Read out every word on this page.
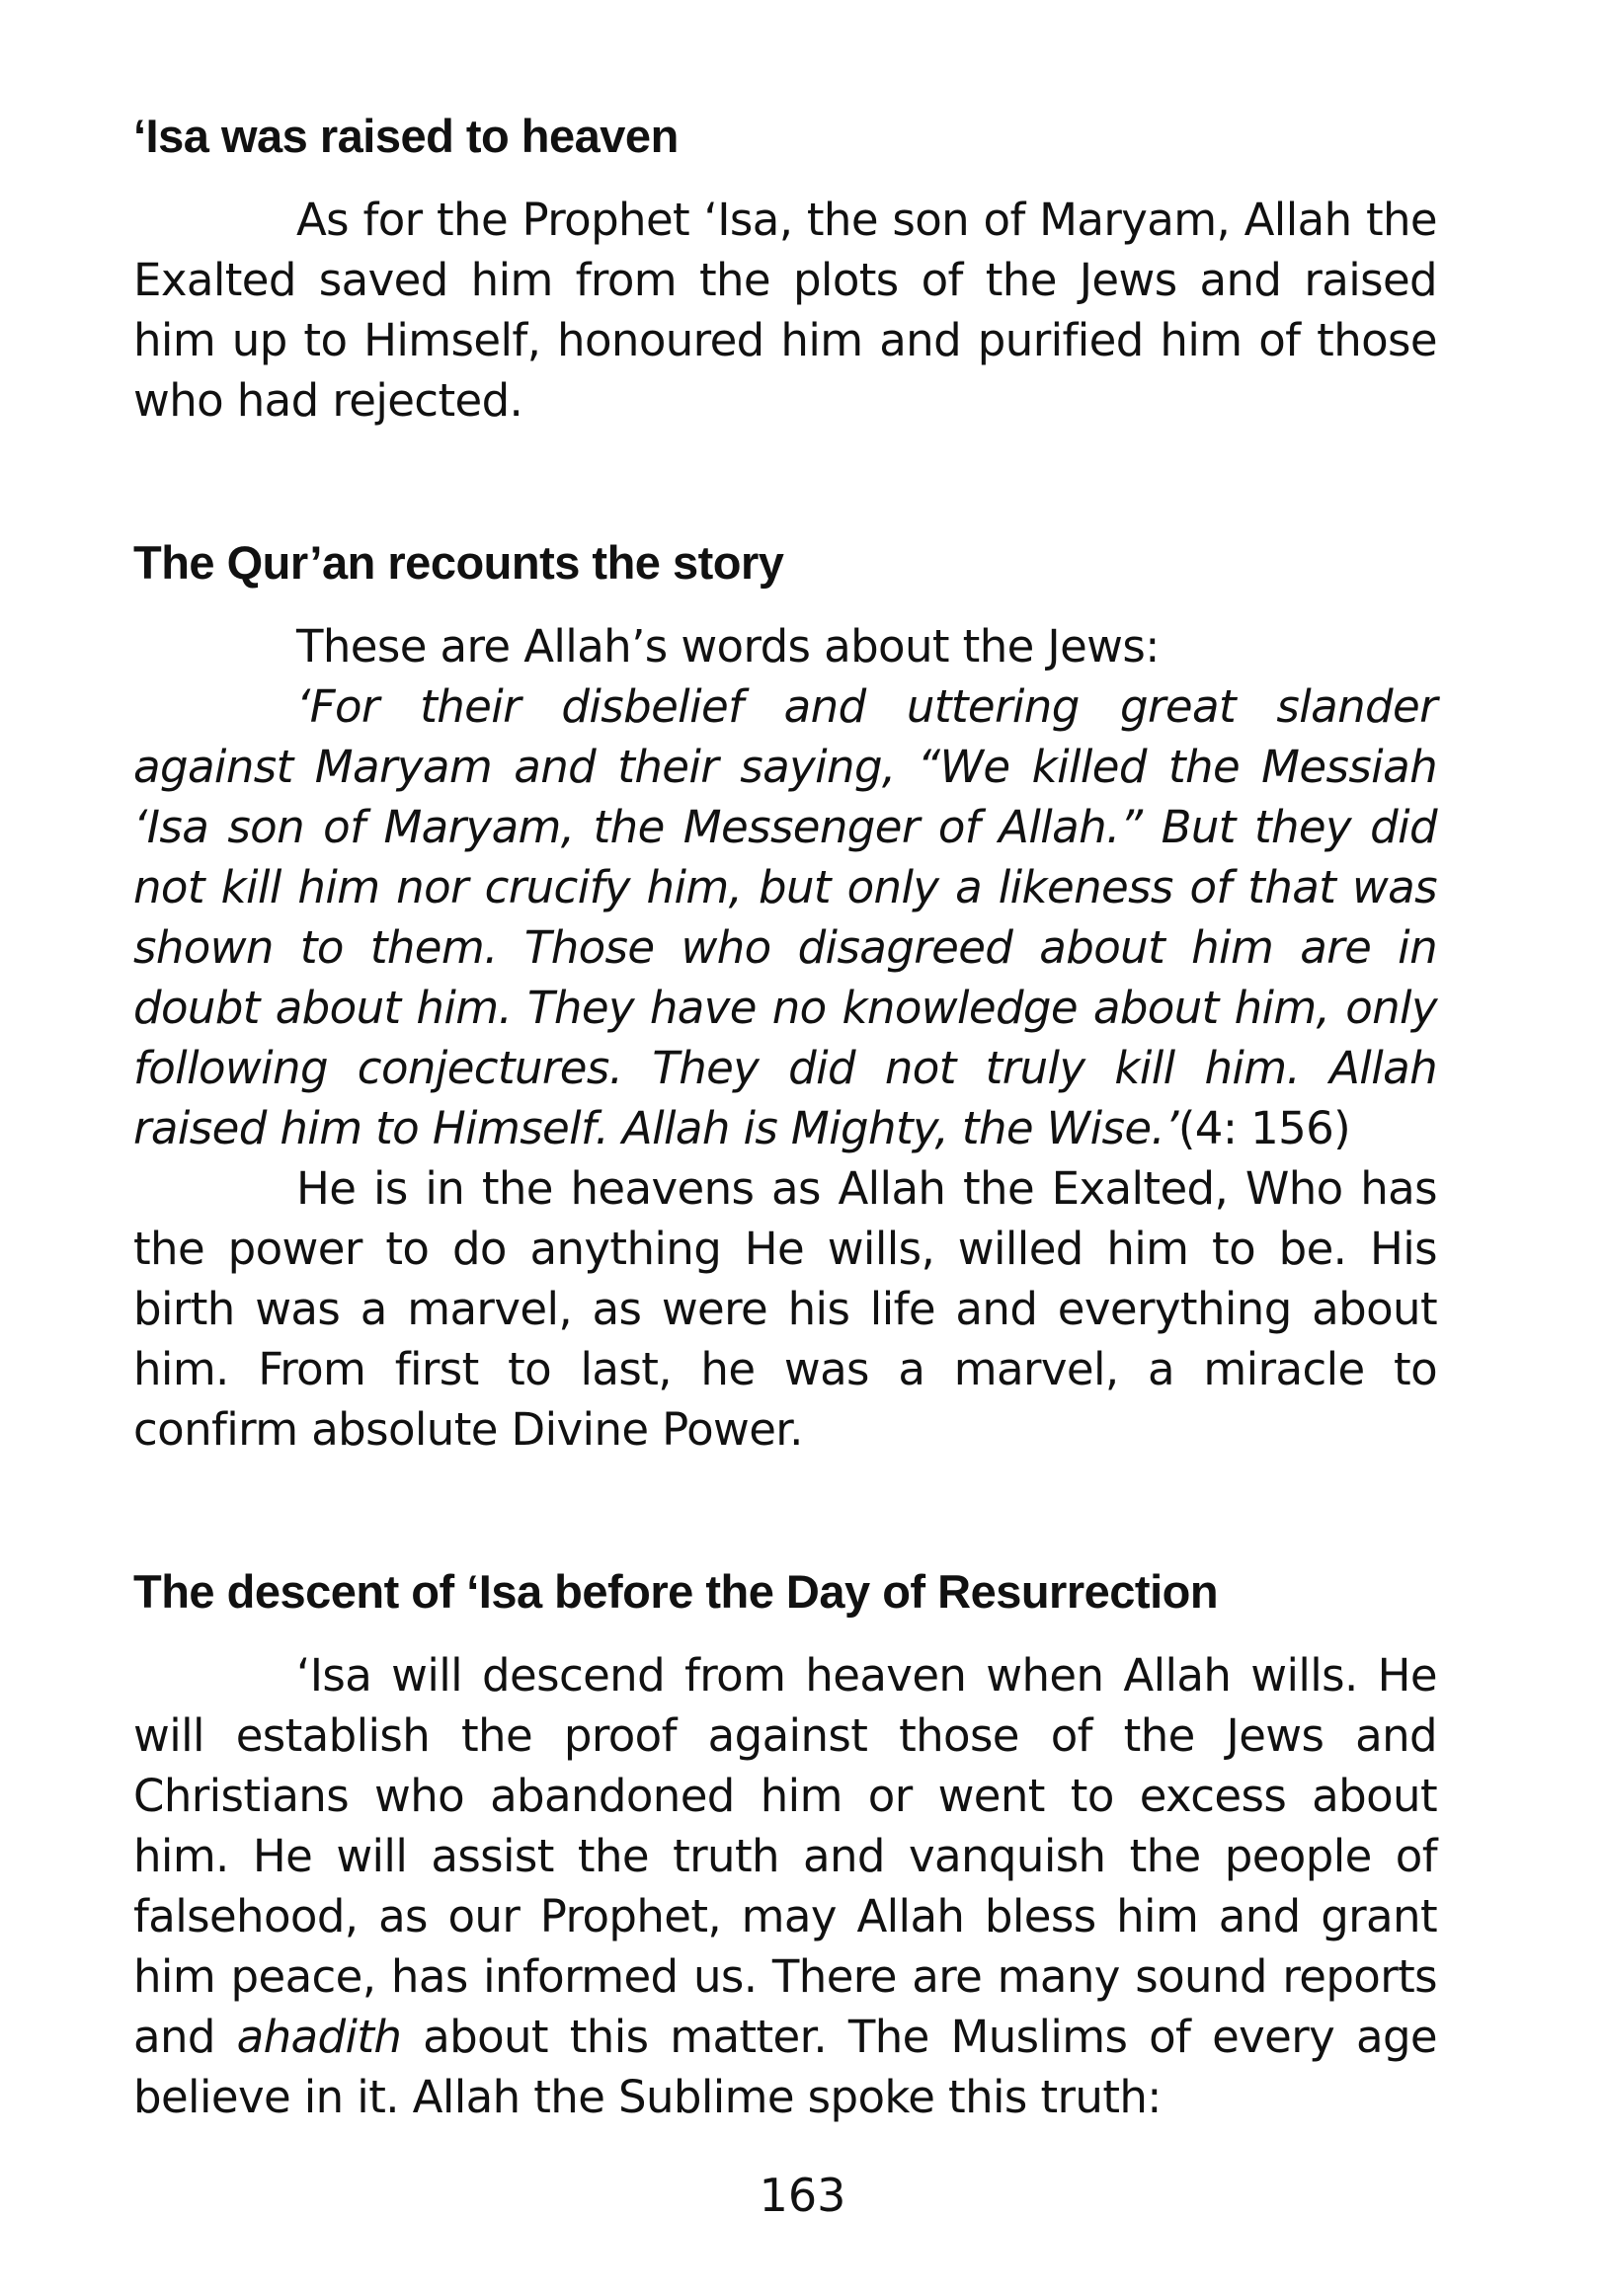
‘Isa was raised to heaven

As for the Prophet ‘Isa, the son of Maryam, Allah the Exalted saved him from the plots of the Jews and raised him up to Himself, honoured him and purified him of those who had rejected.

The Qur’an recounts the story

These are Allah’s words about the Jews:

‘For their disbelief and uttering great slander against Maryam and their saying, “We killed the Messiah ‘Isa son of Maryam, the Messenger of Allah.” But they did not kill him nor crucify him, but only a likeness of that was shown to them. Those who disagreed about him are in doubt about him. They have no knowledge about him, only following conjectures. They did not truly kill him. Allah raised him to Himself. Allah is Mighty, the Wise.’(4: 156)

He is in the heavens as Allah the Exalted, Who has the power to do anything He wills, willed him to be. His birth was a marvel, as were his life and everything about him. From first to last, he was a marvel, a miracle to confirm absolute Divine Power.

The descent of ‘Isa before the Day of Resurrection

‘Isa will descend from heaven when Allah wills. He will establish the proof against those of the Jews and Christians who abandoned him or went to excess about him. He will assist the truth and vanquish the people of falsehood, as our Prophet, may Allah bless him and grant him peace, has informed us. There are many sound reports and ahadith about this matter. The Muslims of every age believe in it. Allah the Sublime spoke this truth:

163
